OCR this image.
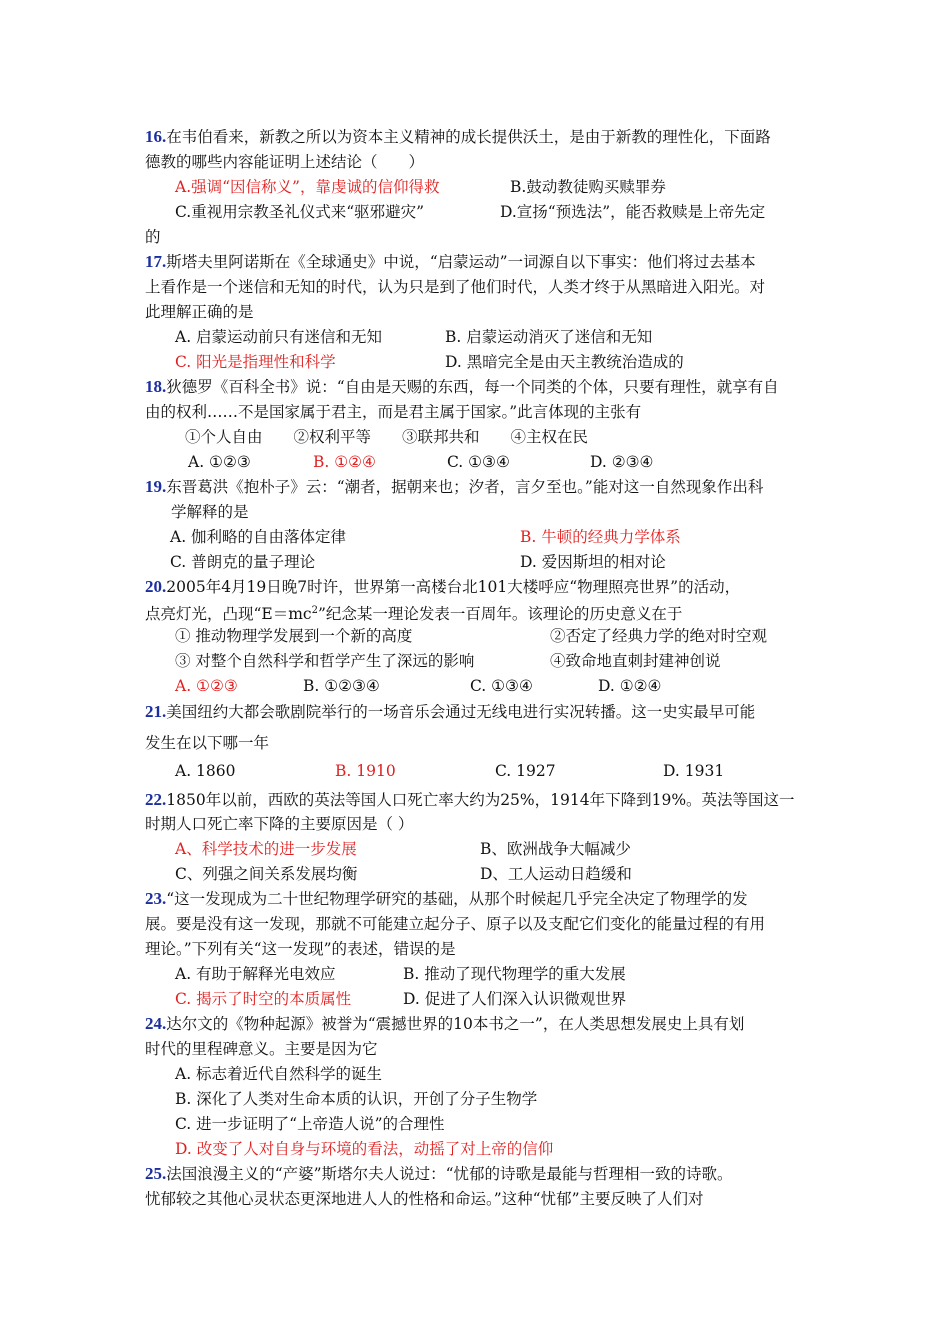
16.在韦伯看来，新教之所以为资本主义精神的成长提供沃土，是由于新教的理性化，下面路
德教的哪些内容能证明上述结论（　　）
A.强调“因信称义”，靠虔诚的信仰得救	B.鼓动教徒购买赎罪券
C.重视用宗教圣礼仪式来“驱邪避灾”	D.宣扬“预选法”，能否救赎是上帝先定
的
17.斯塔夫里阿诺斯在《全球通史》中说，“启蒙运动”一词源自以下事实：他们将过去基本
上看作是一个迷信和无知的时代，认为只是到了他们时代，人类才终于从黑暗进入阳光。对
此理解正确的是
A. 启蒙运动前只有迷信和无知	B. 启蒙运动消灭了迷信和无知
C. 阳光是指理性和科学	D. 黑暗完全是由天主教统治造成的
18.狄德罗《百科全书》说：“自由是天赐的东西，每一个同类的个体，只要有理性，就享有自
由的权利……不是国家属于君主，而是君主属于国家。”此言体现的主张有
①个人自由　　②权利平等　　③联邦共和　　④主权在民
A. ①②③	B. ①②④	C. ①③④	D. ②③④
19.东晋葛洪《抱朴子》云：“潮者，据朝来也；汐者，言夕至也。”能对这一自然现象作出科
学解释的是
A. 伽利略的自由落体定律	B. 牛顿的经典力学体系
C. 普朗克的量子理论	D. 爱因斯坦的相对论
20.2005年4月19日晚7时许，世界第一高楼台北101大楼呼应“物理照亮世界”的活动，
点亮灯光，凸现“$E=mc^2$”纪念某一理论发表一百周年。该理论的历史意义在于
① 推动物理学发展到一个新的高度	②否定了经典力学的绝对时空观
③ 对整个自然科学和哲学产生了深远的影响	④致命地直刺封建神创说
A. ①②③	B. ①②③④	C. ①③④	D. ①②④
21.美国纽约大都会歌剧院举行的一场音乐会通过无线电进行实况转播。这一史实最早可能
发生在以下哪一年
A. 1860	B. 1910	C. 1927	D. 1931
22.1850年以前，西欧的英法等国人口死亡率大约为25%，1914年下降到19%。英法等国这一
时期人口死亡率下降的主要原因是（ ）
A、科学技术的进一步发展	B、欧洲战争大幅减少
C、列强之间关系发展均衡	D、工人运动日趋缓和
23.“这一发现成为二十世纪物理学研究的基础，从那个时候起几乎完全决定了物理学的发
展。要是没有这一发现，那就不可能建立起分子、原子以及支配它们变化的能量过程的有用
理论。”下列有关“这一发现”的表述，错误的是
A. 有助于解释光电效应	B. 推动了现代物理学的重大发展
C. 揭示了时空的本质属性	D. 促进了人们深入认识微观世界
24.达尔文的《物种起源》被誉为“震撼世界的10本书之一”，在人类思想发展史上具有划
时代的里程碑意义。主要是因为它
A. 标志着近代自然科学的诞生
B. 深化了人类对生命本质的认识，开创了分子生物学
C. 进一步证明了“上帝造人说”的合理性
D. 改变了人对自身与环境的看法，动摇了对上帝的信仰
25.法国浪漫主义的“产婆”斯塔尔夫人说过：“忧郁的诗歌是最能与哲理相一致的诗歌。
忧郁较之其他心灵状态更深地进人人的性格和命运。”这种“忧郁”主要反映了人们对
